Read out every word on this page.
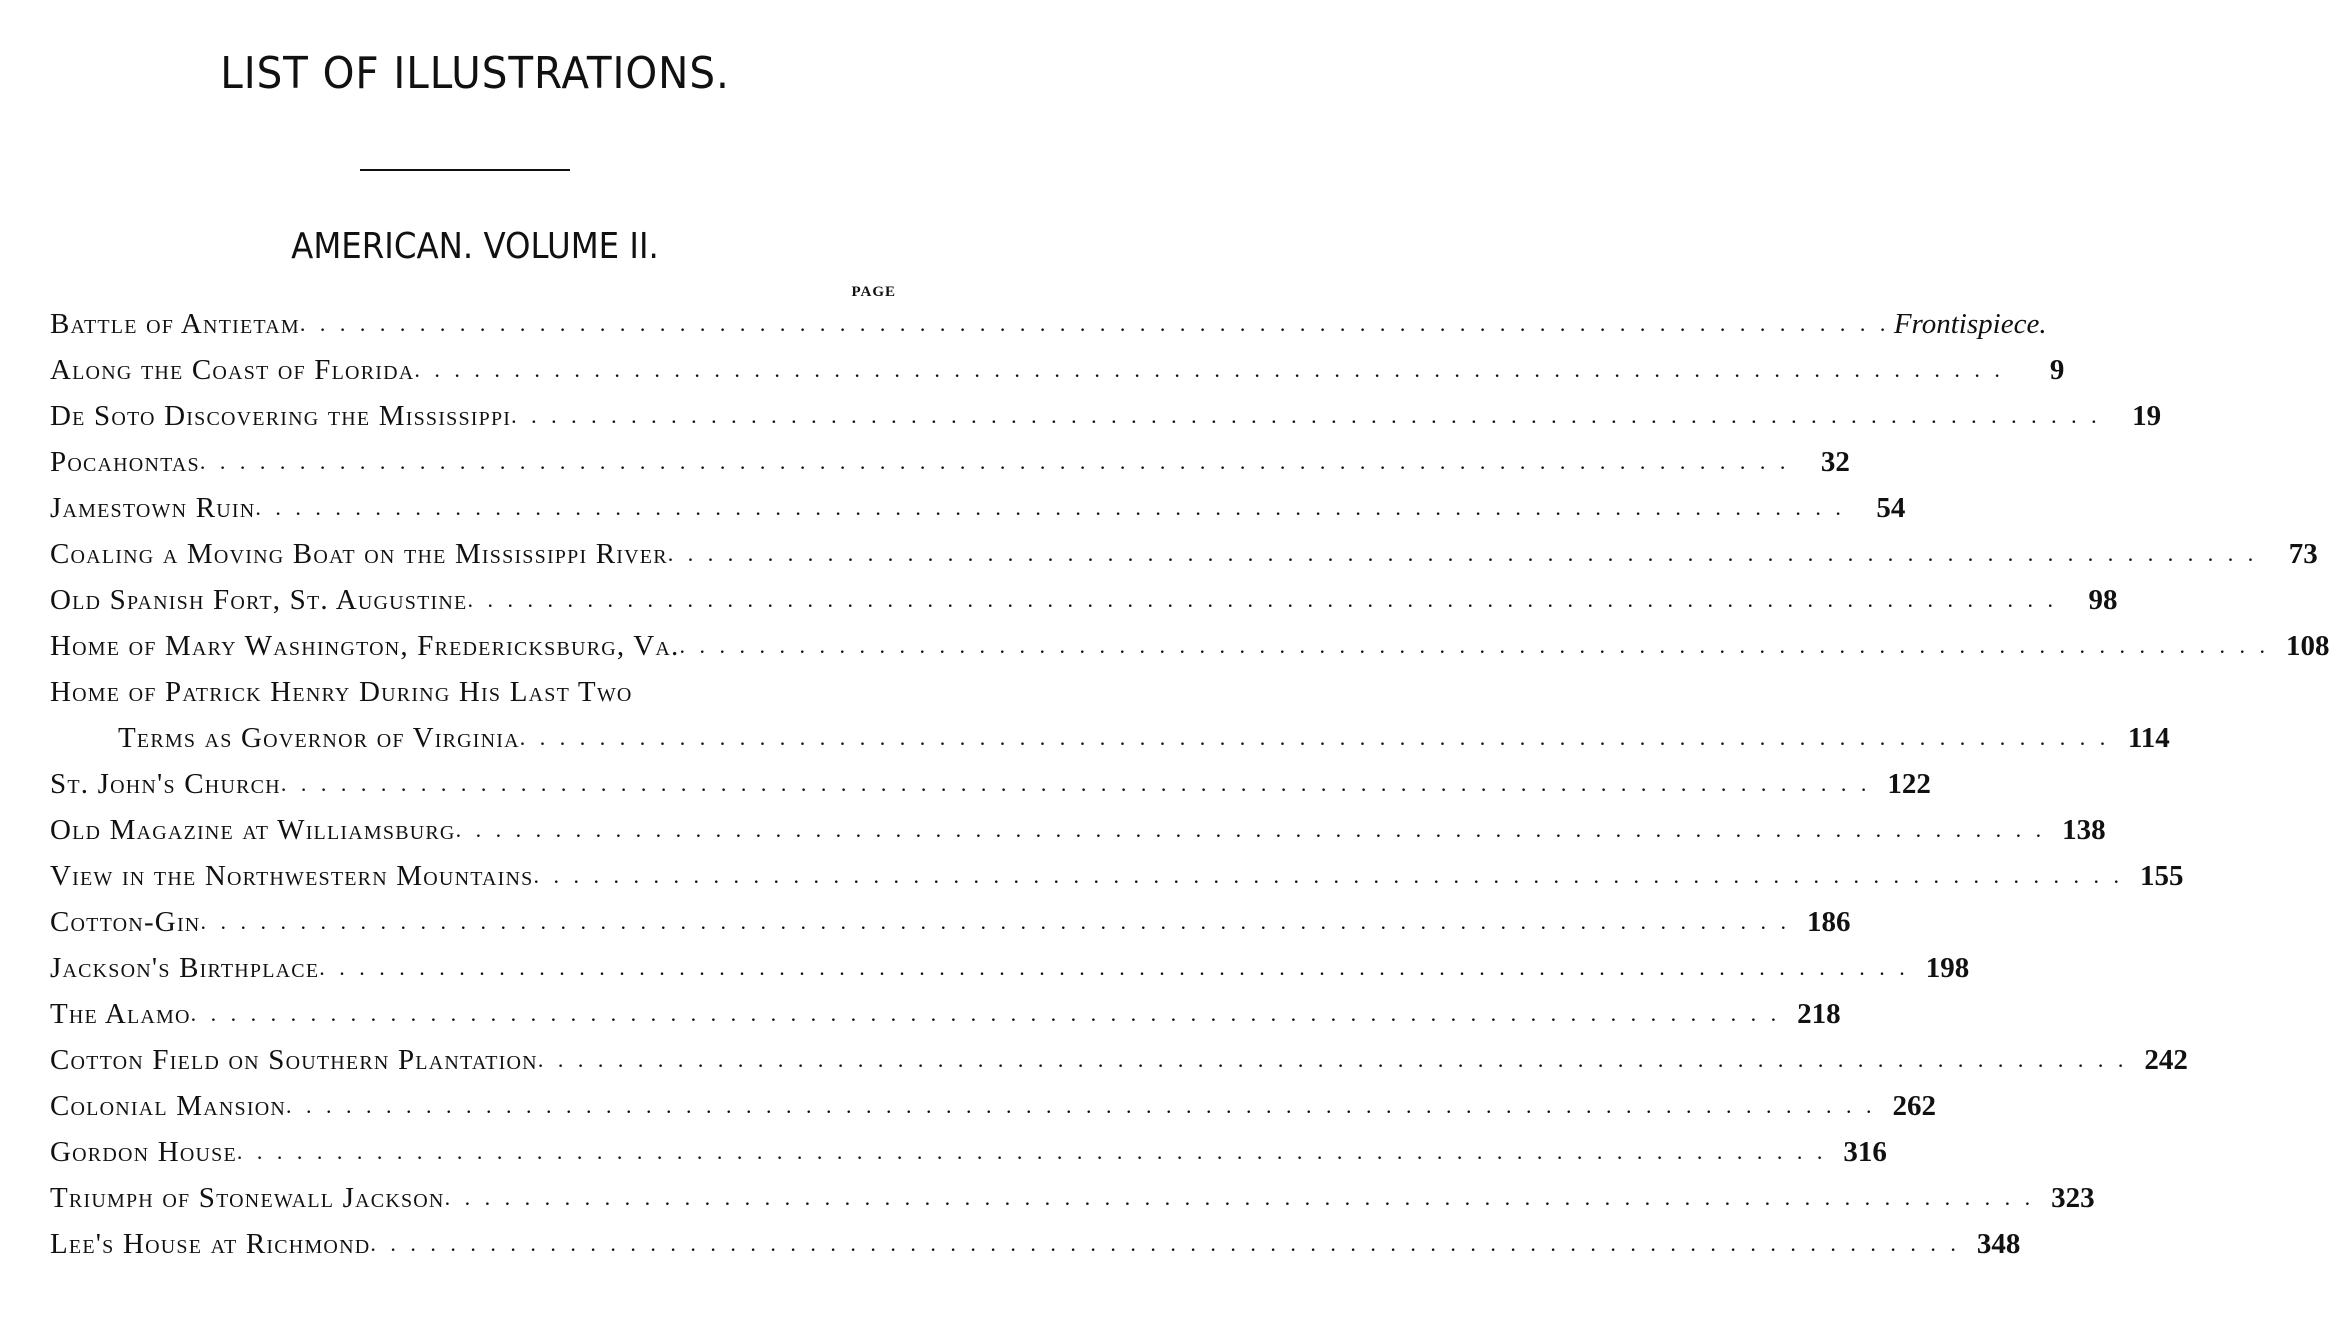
LIST OF ILLUSTRATIONS.
AMERICAN. VOLUME II.
PAGE
Battle of Antietam . . . . . . . . . . . . . . . . . . . . . . . . . . . . . . . . . . . . . . . . . . . . . . . . . . . . . . . . . . . . . . . . . . . . . . . . . . . . . . . . Frontispiece.
Along the Coast of Florida . . . . . . . . . . . . . . . . . . . . . . . . . . . . . . . . . . . . . . . . . . . . . . . . . . . . . . . . . . . . . . . . . . . . . . . . . . . . . . . .	9
De Soto Discovering the Mississippi . . . . . . . . . . . . . . . . . . . . . . . . . . . . . . . . . . . . . . . . . . . . . . . . . . . . . . . . . . . . . . . . . . . . . . . . . . . . . . . .	19
Pocahontas . . . . . . . . . . . . . . . . . . . . . . . . . . . . . . . . . . . . . . . . . . . . . . . . . . . . . . . . . . . . . . . . . . . . . . . . . . . . . . . .	32
Jamestown Ruin . . . . . . . . . . . . . . . . . . . . . . . . . . . . . . . . . . . . . . . . . . . . . . . . . . . . . . . . . . . . . . . . . . . . . . . . . . . . . . . .	54
Coaling a Moving Boat on the Mississippi River . . . . . . . . . . . . . . . . . . . . . . . . . . . . . . . . . . . . . . . . . . . . . . . . . . . . . . . . . . . . . . . . . . . . . . . . . . . . . . . .	73
Old Spanish Fort, St. Augustine . . . . . . . . . . . . . . . . . . . . . . . . . . . . . . . . . . . . . . . . . . . . . . . . . . . . . . . . . . . . . . . . . . . . . . . . . . . . . . . .	98
Home of Mary Washington, Fredericksburg, Va. . . . . . . . . . . . . . . . . . . . . . . . . . . . . . . . . . . . . . . . . . . . . . . . . . . . . . . . . . . . . . . . . . . . . . . . . . . . . . . . . 108
Home of Patrick Henry During His Last Two
Terms as Governor of Virginia . . . . . . . . . . . . . . . . . . . . . . . . . . . . . . . . . . . . . . . . . . . . . . . . . . . . . . . . . . . . . . . . . . . . . . . . . . . . . . . . 114
St. John's Church . . . . . . . . . . . . . . . . . . . . . . . . . . . . . . . . . . . . . . . . . . . . . . . . . . . . . . . . . . . . . . . . . . . . . . . . . . . . . . . . 122
Old Magazine at Williamsburg . . . . . . . . . . . . . . . . . . . . . . . . . . . . . . . . . . . . . . . . . . . . . . . . . . . . . . . . . . . . . . . . . . . . . . . . . . . . . . . . 138
View in the Northwestern Mountains . . . . . . . . . . . . . . . . . . . . . . . . . . . . . . . . . . . . . . . . . . . . . . . . . . . . . . . . . . . . . . . . . . . . . . . . . . . . . . . . 155
Cotton-Gin . . . . . . . . . . . . . . . . . . . . . . . . . . . . . . . . . . . . . . . . . . . . . . . . . . . . . . . . . . . . . . . . . . . . . . . . . . . . . . . . 186
Jackson's Birthplace . . . . . . . . . . . . . . . . . . . . . . . . . . . . . . . . . . . . . . . . . . . . . . . . . . . . . . . . . . . . . . . . . . . . . . . . . . . . . . . . 198
The Alamo . . . . . . . . . . . . . . . . . . . . . . . . . . . . . . . . . . . . . . . . . . . . . . . . . . . . . . . . . . . . . . . . . . . . . . . . . . . . . . . . 218
Cotton Field on Southern Plantation . . . . . . . . . . . . . . . . . . . . . . . . . . . . . . . . . . . . . . . . . . . . . . . . . . . . . . . . . . . . . . . . . . . . . . . . . . . . . . . . 242
Colonial Mansion . . . . . . . . . . . . . . . . . . . . . . . . . . . . . . . . . . . . . . . . . . . . . . . . . . . . . . . . . . . . . . . . . . . . . . . . . . . . . . . . 262
Gordon House . . . . . . . . . . . . . . . . . . . . . . . . . . . . . . . . . . . . . . . . . . . . . . . . . . . . . . . . . . . . . . . . . . . . . . . . . . . . . . . . 316
Triumph of Stonewall Jackson . . . . . . . . . . . . . . . . . . . . . . . . . . . . . . . . . . . . . . . . . . . . . . . . . . . . . . . . . . . . . . . . . . . . . . . . . . . . . . . . 323
Lee's House at Richmond . . . . . . . . . . . . . . . . . . . . . . . . . . . . . . . . . . . . . . . . . . . . . . . . . . . . . . . . . . . . . . . . . . . . . . . . . . . . . . . . 348
